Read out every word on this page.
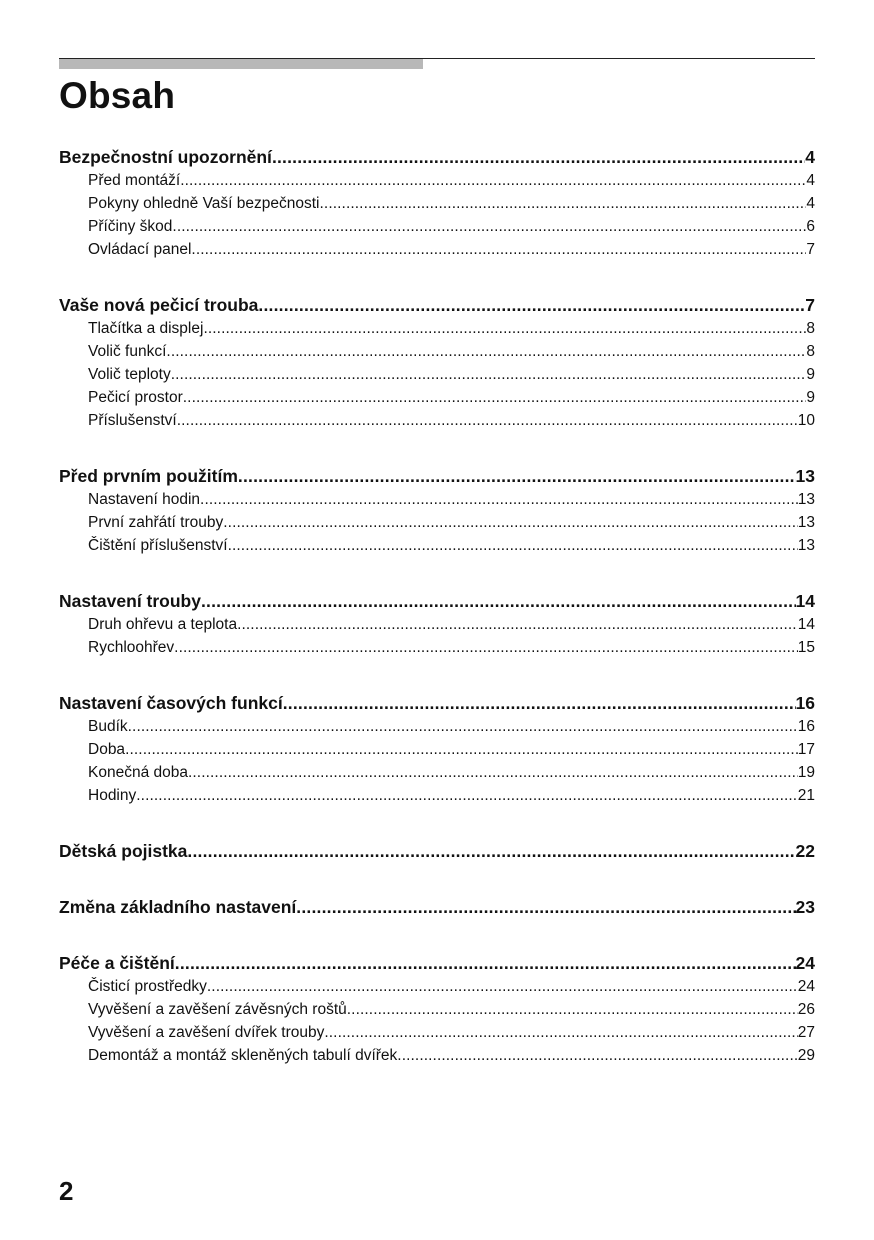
Obsah
Bezpečnostní upozornění .....	4
Před montáží .....	4
Pokyny ohledně Vaší bezpečnosti .....	4
Příčiny škod .....	6
Ovládací panel .....	7
Vaše nová pečicí trouba .....	7
Tlačítka a displej .....	8
Volič funkcí .....	8
Volič teploty .....	9
Pečicí prostor .....	9
Příslušenství .....	10
Před prvním použitím .....	13
Nastavení hodin .....	13
První zahřátí trouby .....	13
Čištění příslušenství .....	13
Nastavení trouby .....	14
Druh ohřevu a teplota .....	14
Rychloohřev .....	15
Nastavení časových funkcí .....	16
Budík .....	16
Doba .....	17
Konečná doba .....	19
Hodiny .....	21
Dětská pojistka .....	22
Změna základního nastavení .....	23
Péče a čištění .....	24
Čisticí prostředky .....	24
Vyvěšení a zavěšení závěsných roštů .....	26
Vyvěšení a zavěšení dvířek trouby .....	27
Demontáž a montáž skleněných tabulí dvířek .....	29
2
